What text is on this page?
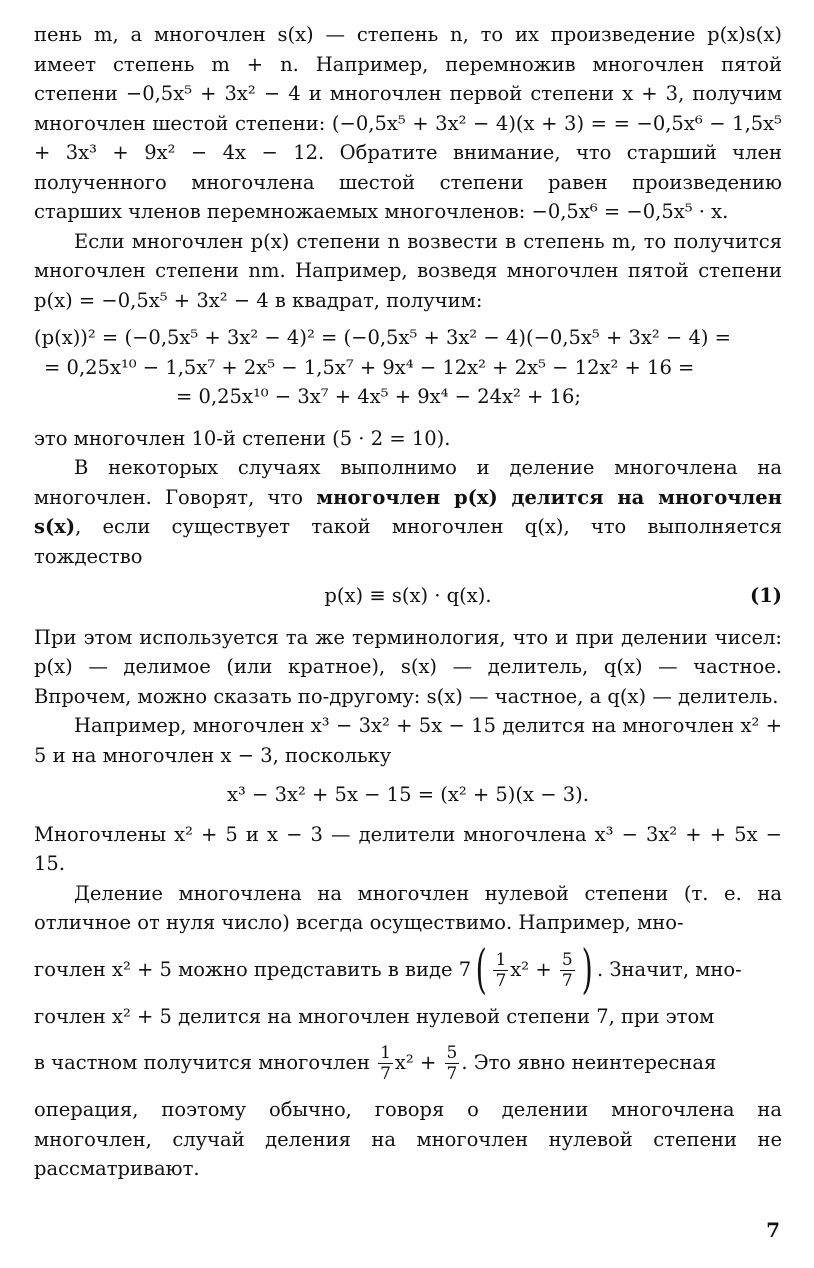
пень m, а многочлен s(x) — степень n, то их произведение p(x)s(x) имеет степень m + n. Например, перемножив многочлен пятой степени −0,5x⁵ + 3x² − 4 и многочлен первой степени x + 3, получим многочлен шестой степени: (−0,5x⁵ + 3x² − 4)(x + 3) = = −0,5x⁶ − 1,5x⁵ + 3x³ + 9x² − 4x − 12. Обратите внимание, что старший член полученного многочлена шестой степени равен произведению старших членов перемножаемых многочленов: −0,5x⁶ = −0,5x⁵ · x.

Если многочлен p(x) степени n возвести в степень m, то получится многочлен степени nm. Например, возведя многочлен пятой степени p(x) = −0,5x⁵ + 3x² − 4 в квадрат, получим:

(p(x))² = (−0,5x⁵ + 3x² − 4)² = (−0,5x⁵ + 3x² − 4)(−0,5x⁵ + 3x² − 4) =

= 0,25x¹⁰ − 1,5x⁷ + 2x⁵ − 1,5x⁷ + 9x⁴ − 12x² + 2x⁵ − 12x² + 16 =

= 0,25x¹⁰ − 3x⁷ + 4x⁵ + 9x⁴ − 24x² + 16;

это многочлен 10-й степени (5 · 2 = 10).

В некоторых случаях выполнимо и деление многочлена на многочлен. Говорят, что многочлен p(x) делится на многочлен s(x), если существует такой многочлен q(x), что выполняется тождество

p(x) ≡ s(x) · q(x).	(1)

При этом используется та же терминология, что и при делении чисел: p(x) — делимое (или кратное), s(x) — делитель, q(x) — частное. Впрочем, можно сказать по-другому: s(x) — частное, а q(x) — делитель.

Например, многочлен x³ − 3x² + 5x − 15 делится на многочлен x² + 5 и на многочлен x − 3, поскольку

x³ − 3x² + 5x − 15 = (x² + 5)(x − 3).

Многочлены x² + 5 и x − 3 — делители многочлена x³ − 3x² + + 5x − 15.

Деление многочлена на многочлен нулевой степени (т. е. на отличное от нуля число) всегда осуществимо. Например, мно-

гочлен x² + 5 можно представить в виде $7( \frac{1}{7} x^2 + \frac{5}{7}$ ) . Значит, мно-

гочлен x² + 5 делится на многочлен нулевой степени 7, при этом

в частном получится многочлен $\frac{1}{7} x^2 + \frac{5}{7}$ . Это явно неинтересная

операция, поэтому обычно, говоря о делении многочлена на многочлен, случай деления на многочлен нулевой степени не рассматривают.

7
